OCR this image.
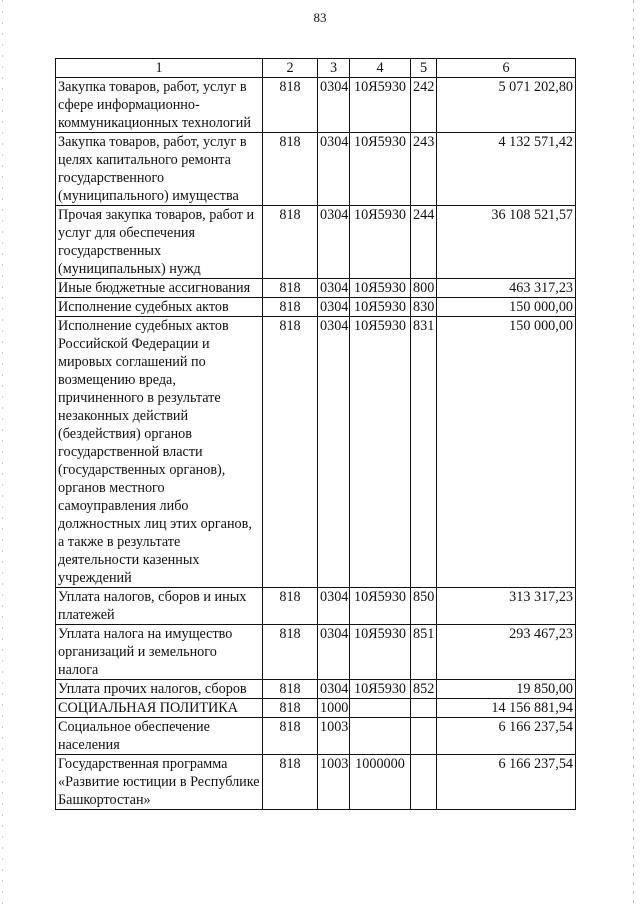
83
1	2	3	4	5	6
Закупка товаров, работ, услуг в сфере информационно-коммуникационных технологий	818	0304	10Я5930	242	5 071 202,80
Закупка товаров, работ, услуг в целях капитального ремонта государственного (муниципального) имущества	818	0304	10Я5930	243	4 132 571,42
Прочая закупка товаров, работ и услуг для обеспечения государственных (муниципальных) нужд	818	0304	10Я5930	244	36 108 521,57
Иные бюджетные ассигнования	818	0304	10Я5930	800	463 317,23
Исполнение судебных актов	818	0304	10Я5930	830	150 000,00
Исполнение судебных актов Российской Федерации и мировых соглашений по возмещению вреда, причиненного в результате незаконных действий (бездействия) органов государственной власти (государственных органов), органов местного самоуправления либо должностных лиц этих органов, а также в результате деятельности казенных учреждений	818	0304	10Я5930	831	150 000,00
Уплата налогов, сборов и иных платежей	818	0304	10Я5930	850	313 317,23
Уплата налога на имущество организаций и земельного налога	818	0304	10Я5930	851	293 467,23
Уплата прочих налогов, сборов	818	0304	10Я5930	852	19 850,00
СОЦИАЛЬНАЯ ПОЛИТИКА	818	1000			14 156 881,94
Социальное обеспечение населения	818	1003			6 166 237,54
Государственная программа «Развитие юстиции в Республике Башкортостан»	818	1003	1000000		6 166 237,54
